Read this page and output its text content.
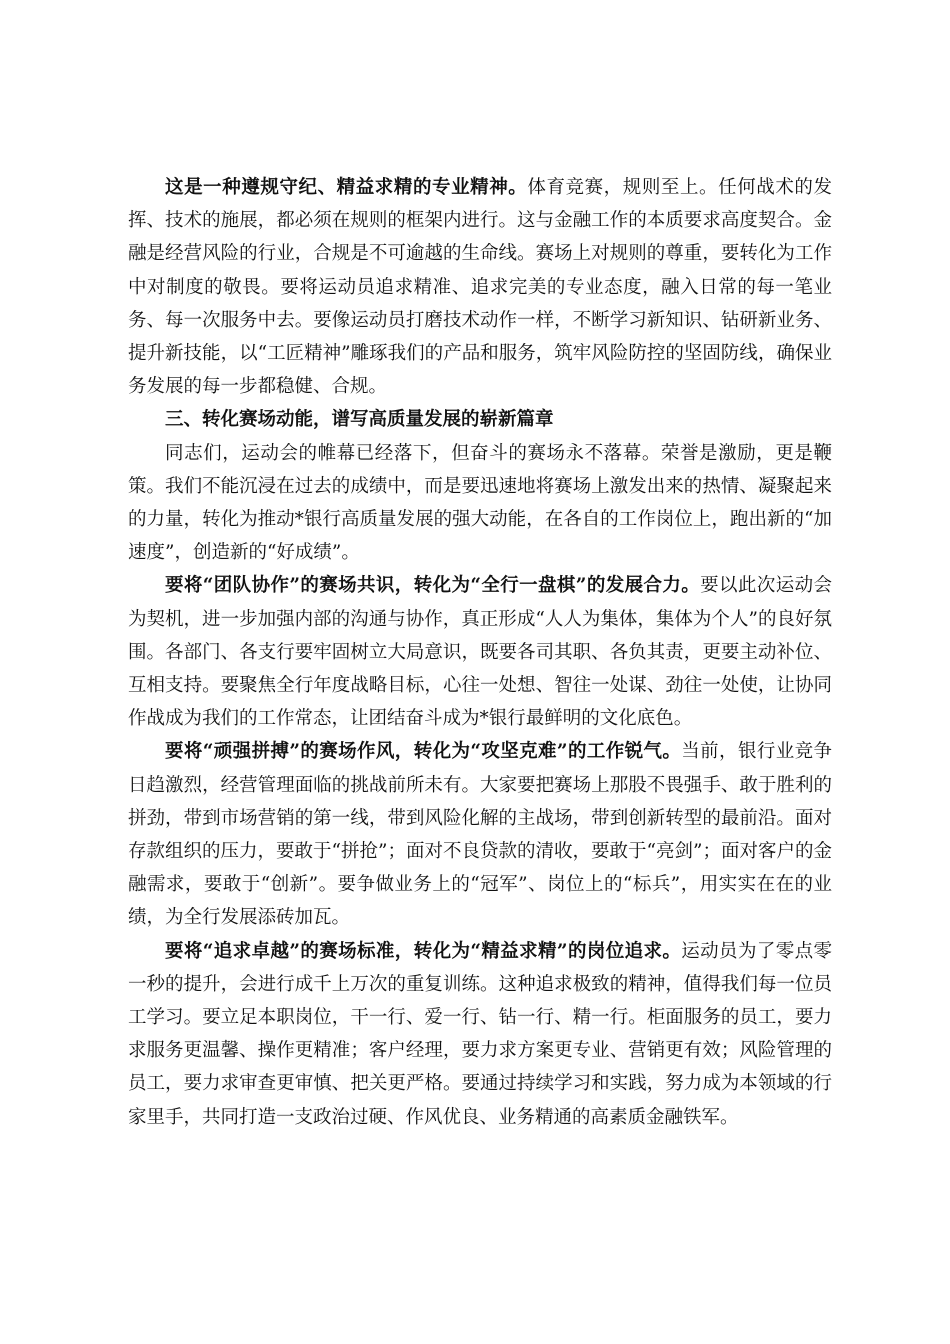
这是一种遵规守纪、精益求精的专业精神。体育竞赛，规则至上。任何战术的发挥、技术的施展，都必须在规则的框架内进行。这与金融工作的本质要求高度契合。金融是经营风险的行业，合规是不可逾越的生命线。赛场上对规则的尊重，要转化为工作中对制度的敬畏。要将运动员追求精准、追求完美的专业态度，融入日常的每一笔业务、每一次服务中去。要像运动员打磨技术动作一样，不断学习新知识、钻研新业务、提升新技能，以“工匠精神”雕琢我们的产品和服务，筑牢风险防控的坚固防线，确保业务发展的每一步都稳健、合规。

三、转化赛场动能，谱写高质量发展的崭新篇章

同志们，运动会的帷幕已经落下，但奋斗的赛场永不落幕。荣誉是激励，更是鞭策。我们不能沉浸在过去的成绩中，而是要迅速地将赛场上激发出来的热情、凝聚起来的力量，转化为推动*银行高质量发展的强大动能，在各自的工作岗位上，跑出新的“加速度”，创造新的“好成绩”。

要将“团队协作”的赛场共识，转化为“全行一盘棋”的发展合力。要以此次运动会为契机，进一步加强内部的沟通与协作，真正形成“人人为集体，集体为个人”的良好氛围。各部门、各支行要牢固树立大局意识，既要各司其职、各负其责，更要主动补位、互相支持。要聚焦全行年度战略目标，心往一处想、智往一处谋、劲往一处使，让协同作战成为我们的工作常态，让团结奋斗成为*银行最鲜明的文化底色。

要将“顽强拼搏”的赛场作风，转化为“攻坚克难”的工作锐气。当前，银行业竞争日趋激烈，经营管理面临的挑战前所未有。大家要把赛场上那股不畏强手、敢于胜利的拼劲，带到市场营销的第一线，带到风险化解的主战场，带到创新转型的最前沿。面对存款组织的压力，要敢于“拼抢”；面对不良贷款的清收，要敢于“亮剑”；面对客户的金融需求，要敢于“创新”。要争做业务上的“冠军”、岗位上的“标兵”，用实实在在的业绩，为全行发展添砖加瓦。

要将“追求卓越”的赛场标准，转化为“精益求精”的岗位追求。运动员为了零点零一秒的提升，会进行成千上万次的重复训练。这种追求极致的精神，值得我们每一位员工学习。要立足本职岗位，干一行、爱一行、钻一行、精一行。柜面服务的员工，要力求服务更温馨、操作更精准；客户经理，要力求方案更专业、营销更有效；风险管理的员工，要力求审查更审慎、把关更严格。要通过持续学习和实践，努力成为本领域的行家里手，共同打造一支政治过硬、作风优良、业务精通的高素质金融铁军。
